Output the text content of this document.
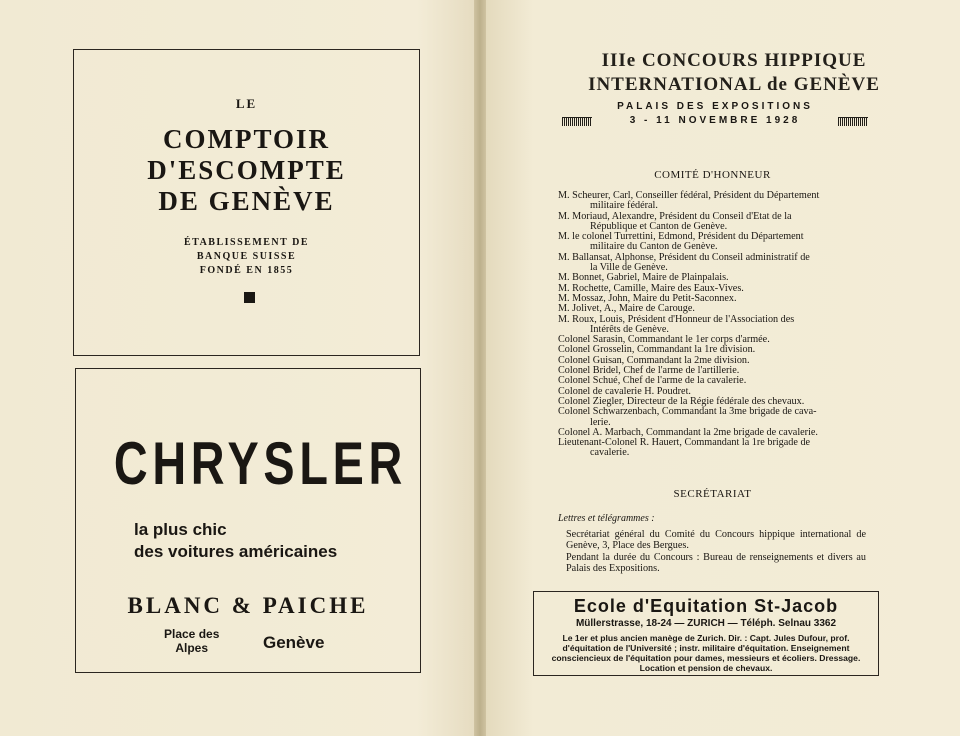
LE
COMPTOIR
D'ESCOMPTE
DE GENÈVE
ÉTABLISSEMENT DE
BANQUE SUISSE
FONDÉ EN 1855
CHRYSLER
la plus chic
des voitures américaines
BLANC & PAICHE
Place des
Alpes	Genève
IIIe CONCOURS HIPPIQUE
INTERNATIONAL de GENÈVE
PALAIS DES EXPOSITIONS
3 - 11 NOVEMBRE 1928
COMITÉ D'HONNEUR
M. Scheurer, Carl, Conseiller fédéral, Président du Département
militaire fédéral.
M. Moriaud, Alexandre, Président du Conseil d'Etat de la
République et Canton de Genève.
M. le colonel Turrettini, Edmond, Président du Département
militaire du Canton de Genève.
M. Ballansat, Alphonse, Président du Conseil administratif de
la Ville de Genève.
M. Bonnet, Gabriel, Maire de Plainpalais.
M. Rochette, Camille, Maire des Eaux-Vives.
M. Mossaz, John, Maire du Petit-Saconnex.
M. Jolivet, A., Maire de Carouge.
M. Roux, Louis, Président d'Honneur de l'Association des
Intérêts de Genève.
Colonel Sarasin, Commandant le 1er corps d'armée.
Colonel Grosselin, Commandant la 1re division.
Colonel Guisan, Commandant la 2me division.
Colonel Bridel, Chef de l'arme de l'artillerie.
Colonel Schué, Chef de l'arme de la cavalerie.
Colonel de cavalerie H. Poudret.
Colonel Ziegler, Directeur de la Régie fédérale des chevaux.
Colonel Schwarzenbach, Commandant la 3me brigade de cava-
lerie.
Colonel A. Marbach, Commandant la 2me brigade de cavalerie.
Lieutenant-Colonel R. Hauert, Commandant la 1re brigade de
cavalerie.
SECRÉTARIAT
Lettres et télégrammes :
Secrétariat général du Comité du Concours hippique international de Genève, 3, Place des Bergues.
Pendant la durée du Concours : Bureau de renseignements et divers au Palais des Expositions.
Ecole d'Equitation St-Jacob
Müllerstrasse, 18-24 — ZURICH — Téléph. Selnau 3362
Le 1er et plus ancien manège de Zurich. Dir. : Capt. Jules Dufour, prof. d'équitation de l'Université ; instr. militaire d'équitation. Enseignement consciencieux de l'équitation pour dames, messieurs et écoliers. Dressage. Location et pension de chevaux.
